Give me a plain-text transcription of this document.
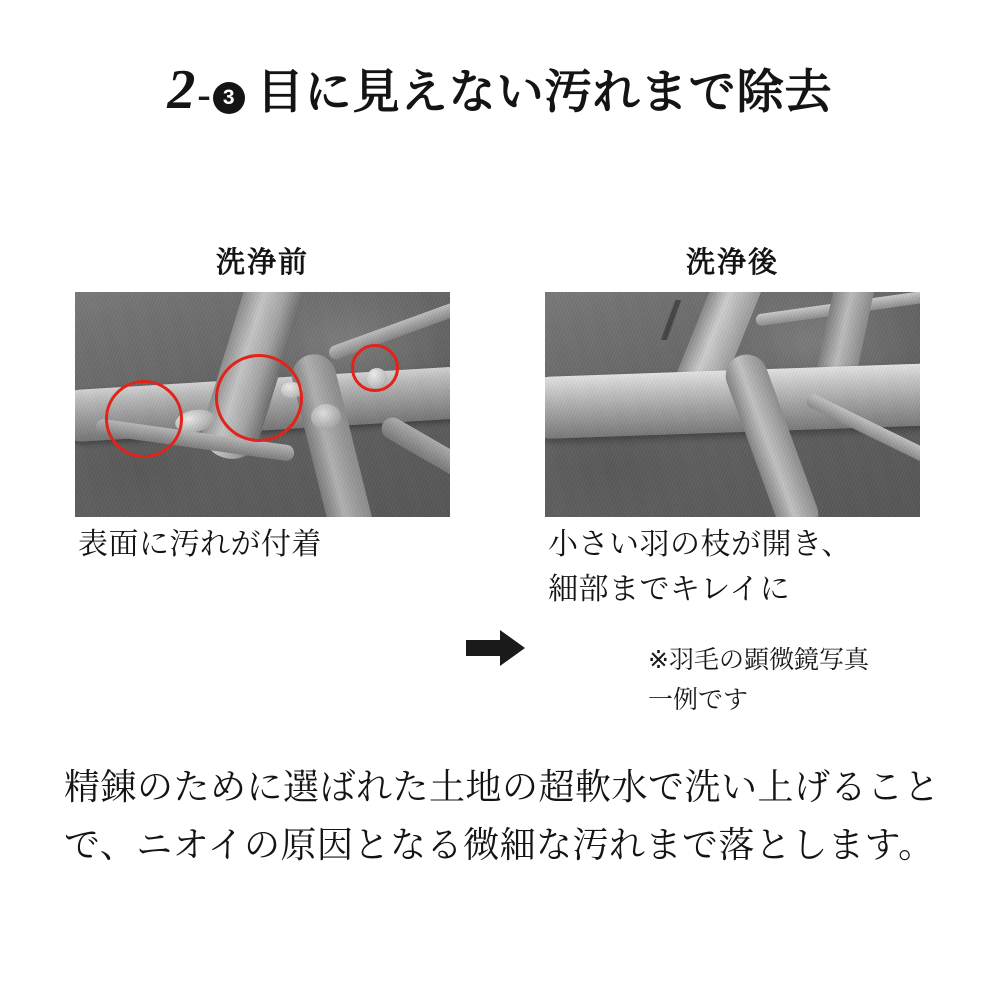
2 - 3 目に見えない汚れまで除去
洗浄前	洗浄後
表面に汚れが付着	小さい羽の枝が開き、
細部までキレイに
※羽毛の顕微鏡写真
一例です
精錬のために選ばれた土地の超軟水で洗い上げることで、ニオイの原因となる微細な汚れまで落とします。
